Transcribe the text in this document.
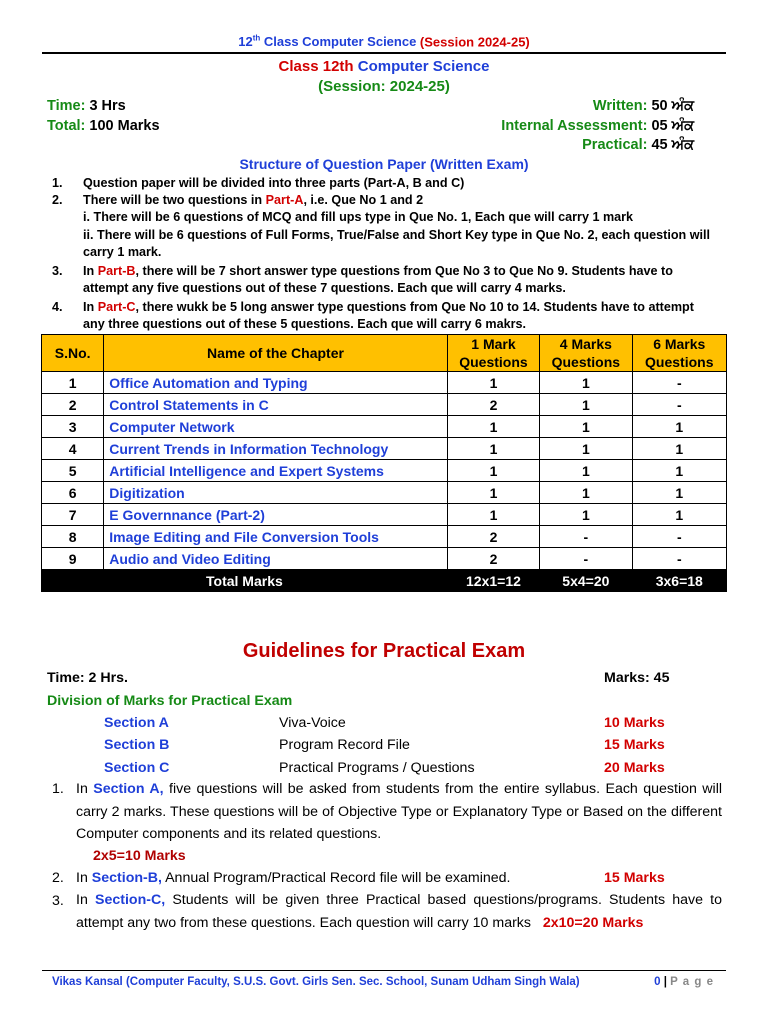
12th Class Computer Science (Session 2024-25)
Class 12th Computer Science
(Session: 2024-25)
Time: 3 Hrs
Total: 100 Marks
Written: 50 ਅੰਕ
Internal Assessment: 05 ਅੰਕ
Practical: 45 ਅੰਕ
Structure of Question Paper (Written Exam)
1. Question paper will be divided into three parts (Part-A, B and C)
2. There will be two questions in Part-A, i.e. Que No 1 and 2
i. There will be 6 questions of MCQ and fill ups type in Que No. 1, Each que will carry 1 mark
ii. There will be 6 questions of Full Forms, True/False and Short Key type in Que No. 2, each question will carry 1 mark.
3. In Part-B, there will be 7 short answer type questions from Que No 3 to Que No 9. Students have to attempt any five questions out of these 7 questions. Each que will carry 4 marks.
4. In Part-C, there wukk be 5 long answer type questions from Que No 10 to 14. Students have to attempt any three questions out of these 5 questions. Each que will carry 6 makrs.
S.No.	Name of the Chapter	1 Mark Questions	4 Marks Questions	6 Marks Questions
1	Office Automation and Typing	1	1	-
2	Control Statements in C	2	1	-
3	Computer Network	1	1	1
4	Current Trends in Information Technology	1	1	1
5	Artificial Intelligence and Expert Systems	1	1	1
6	Digitization	1	1	1
7	E Governnance (Part-2)	1	1	1
8	Image Editing and File Conversion Tools	2	-	-
9	Audio and Video Editing	2	-	-
Total Marks		12x1=12	5x4=20	3x6=18
Guidelines for Practical Exam
Time: 2 Hrs.	Marks: 45
Division of Marks for Practical Exam
Section A	Viva-Voice	10 Marks
Section B	Program Record File	15 Marks
Section C	Practical Programs / Questions	20 Marks
1. In Section A, five questions will be asked from students from the entire syllabus. Each question will carry 2 marks. These questions will be of Objective Type or Explanatory Type or Based on the different Computer components and its related questions.
2x5=10 Marks
2. In Section-B, Annual Program/Practical Record file will be examined.	15 Marks
3. In Section-C, Students will be given three Practical based questions/programs. Students have to attempt any two from these questions. Each question will carry 10 marks 2x10=20 Marks
Vikas Kansal (Computer Faculty, S.U.S. Govt. Girls Sen. Sec. School, Sunam Udham Singh Wala)	0 | P a g e
